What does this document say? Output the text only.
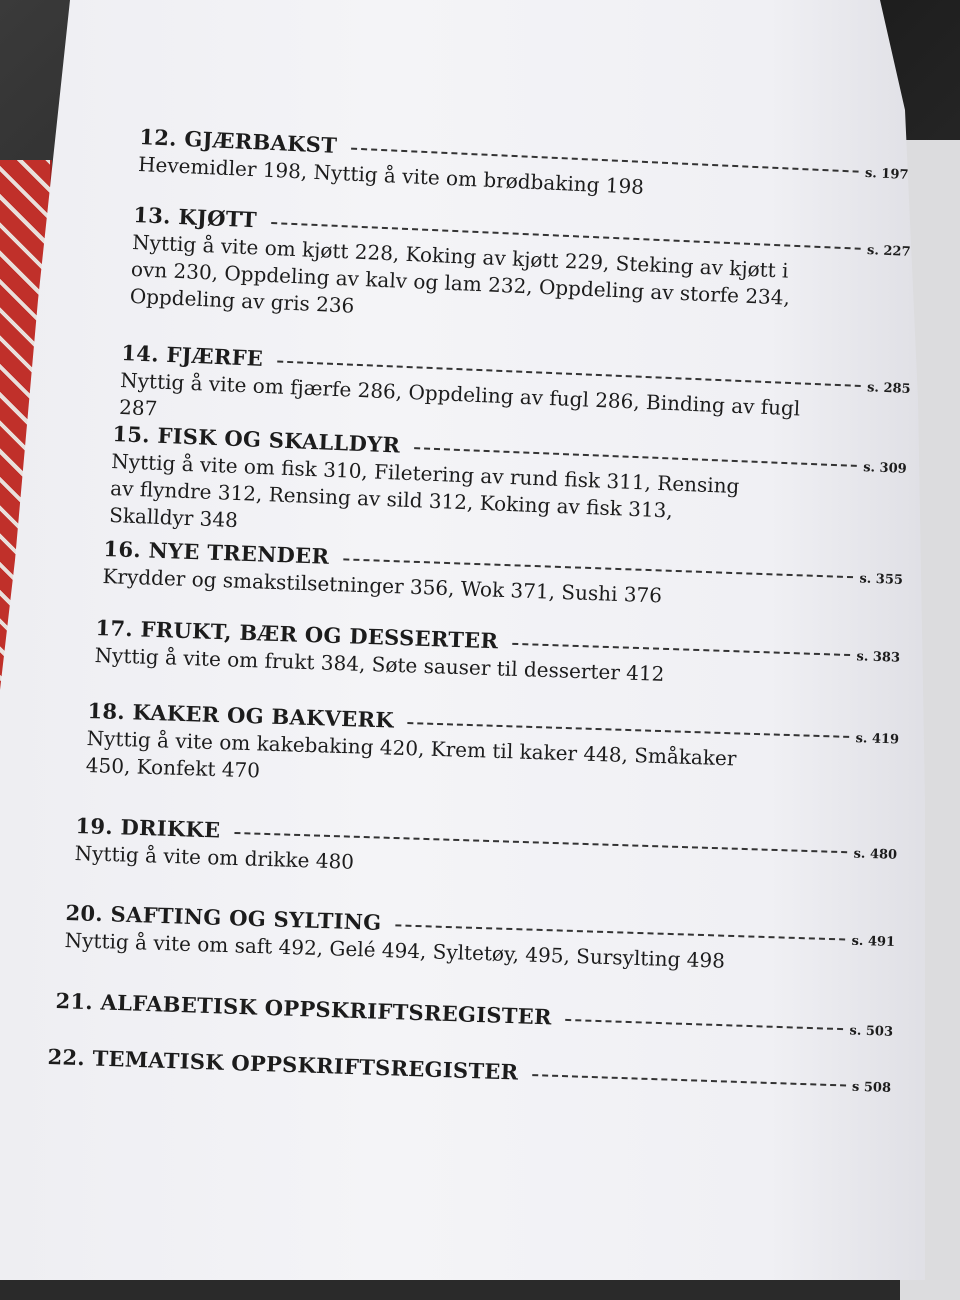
12. GJÆRBAKST
s. 197
Hevemidler 198, Nyttig å vite om brødbaking 198
13. KJØTT
s. 227
Nyttig å vite om kjøtt 228, Koking av kjøtt 229, Steking av kjøtt i ovn 230, Oppdeling av kalv og lam 232, Oppdeling av storfe 234, Oppdeling av gris 236
14. FJÆRFE
s. 285
Nyttig å vite om fjærfe 286, Oppdeling av fugl 286, Binding av fugl 287
15. FISK OG SKALLDYR
s. 309
Nyttig å vite om fisk 310, Filetering av rund fisk 311, Rensing av flyndre 312, Rensing av sild 312, Koking av fisk 313, Skalldyr 348
16. NYE TRENDER
s. 355
Krydder og smakstilsetninger 356, Wok 371, Sushi 376
17. FRUKT, BÆR OG DESSERTER
s. 383
Nyttig å vite om frukt 384, Søte sauser til desserter 412
18. KAKER OG BAKVERK
s. 419
Nyttig å vite om kakebaking 420, Krem til kaker 448, Småkaker 450, Konfekt 470
19. DRIKKE
s. 480
Nyttig å vite om drikke 480
20. SAFTING OG SYLTING
s. 491
Nyttig å vite om saft 492, Gelé 494, Syltetøy, 495, Sursylting 498
21. ALFABETISK OPPSKRIFTSREGISTER
s. 503
22. TEMATISK OPPSKRIFTSREGISTER
s 508
